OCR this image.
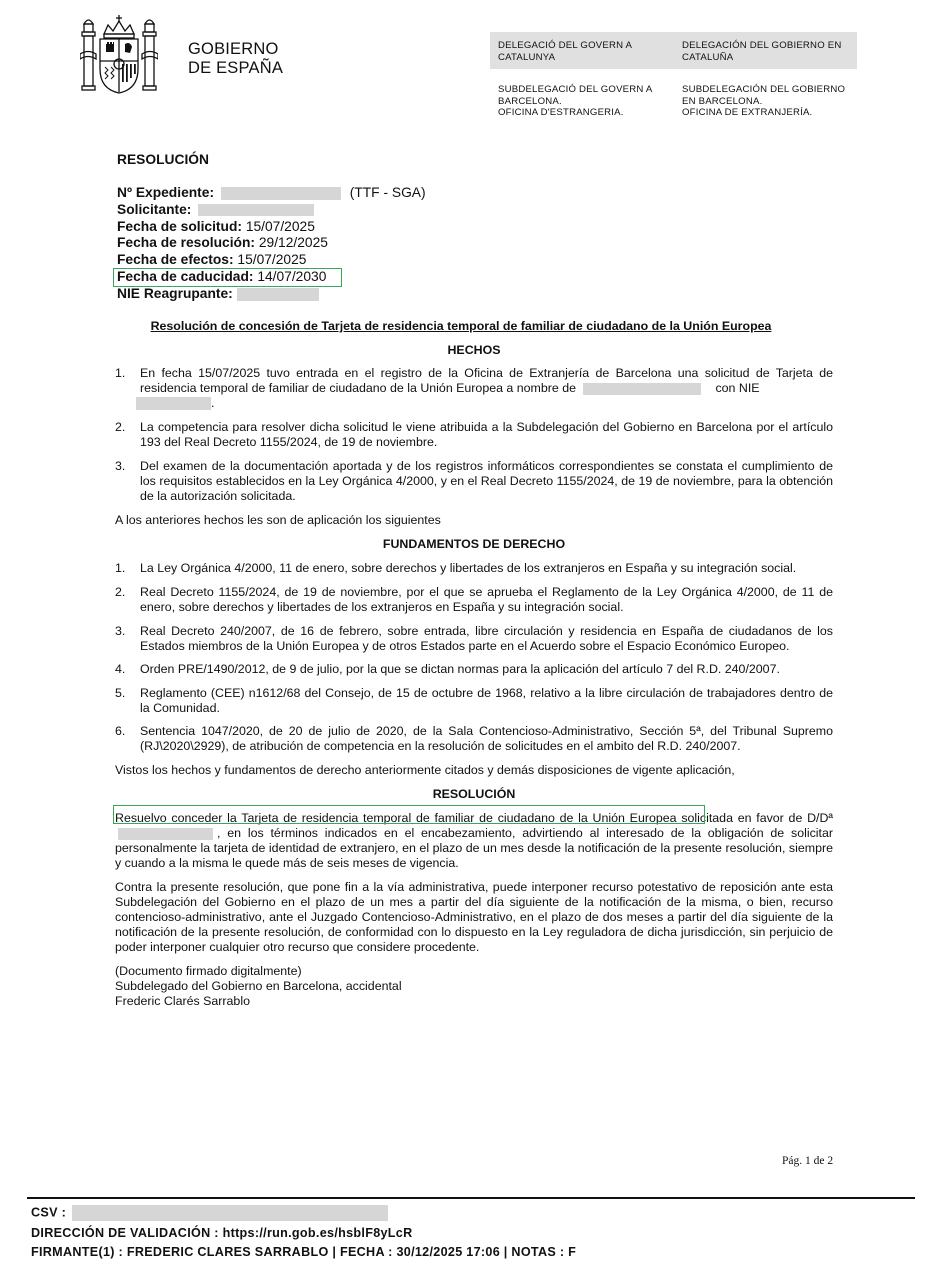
GOBIERNO
DE ESPAÑA
DELEGACIÓ DEL GOVERN A CATALUNYA
DELEGACIÓN DEL GOBIERNO EN CATALUÑA
SUBDELEGACIÓ DEL GOVERN A BARCELONA.
OFICINA D'ESTRANGERIA.
SUBDELEGACIÓN DEL GOBIERNO EN BARCELONA.
OFICINA DE EXTRANJERÍA.
RESOLUCIÓN
Nº Expediente:	(TTF - SGA)
Solicitante:
Fecha de solicitud: 15/07/2025
Fecha de resolución: 29/12/2025
Fecha de efectos: 15/07/2025
Fecha de caducidad: 14/07/2030
NIE Reagrupante:
Resolución de concesión de Tarjeta de residencia temporal de familiar de ciudadano de la Unión Europea
HECHOS
1. En fecha 15/07/2025 tuvo entrada en el registro de la Oficina de Extranjería de Barcelona una solicitud de Tarjeta de residencia temporal de familiar de ciudadano de la Unión Europea a nombre de	con NIE
.
2. La competencia para resolver dicha solicitud le viene atribuida a la Subdelegación del Gobierno en Barcelona por el artículo 193 del Real Decreto 1155/2024, de 19 de noviembre.
3. Del examen de la documentación aportada y de los registros informáticos correspondientes se constata el cumplimiento de los requisitos establecidos en la Ley Orgánica 4/2000, y en el Real Decreto 1155/2024, de 19 de noviembre, para la obtención de la autorización solicitada.
A los anteriores hechos les son de aplicación los siguientes
FUNDAMENTOS DE DERECHO
1. La Ley Orgánica 4/2000, 11 de enero, sobre derechos y libertades de los extranjeros en España y su integración social.
2. Real Decreto 1155/2024, de 19 de noviembre, por el que se aprueba el Reglamento de la Ley Orgánica 4/2000, de 11 de enero, sobre derechos y libertades de los extranjeros en España y su integración social.
3. Real Decreto 240/2007, de 16 de febrero, sobre entrada, libre circulación y residencia en España de ciudadanos de los Estados miembros de la Unión Europea y de otros Estados parte en el Acuerdo sobre el Espacio Económico Europeo.
4. Orden PRE/1490/2012, de 9 de julio, por la que se dictan normas para la aplicación del artículo 7 del R.D. 240/2007.
5. Reglamento (CEE) n1612/68 del Consejo, de 15 de octubre de 1968, relativo a la libre circulación de trabajadores dentro de la Comunidad.
6. Sentencia 1047/2020, de 20 de julio de 2020, de la Sala Contencioso-Administrativo, Sección 5ª, del Tribunal Supremo (RJ\2020\2929), de atribución de competencia en la resolución de solicitudes en el ambito del R.D. 240/2007.
Vistos los hechos y fundamentos de derecho anteriormente citados y demás disposiciones de vigente aplicación,
RESOLUCIÓN
Resuelvo conceder la Tarjeta de residencia temporal de familiar de ciudadano de la Unión Europea solicitada en favor de D/Dª , en los términos indicados en el encabezamiento, advirtiendo al interesado de la obligación de solicitar personalmente la tarjeta de identidad de extranjero, en el plazo de un mes desde la notificación de la presente resolución, siempre y cuando a la misma le quede más de seis meses de vigencia.
Contra la presente resolución, que pone fin a la vía administrativa, puede interponer recurso potestativo de reposición ante esta Subdelegación del Gobierno en el plazo de un mes a partir del día siguiente de la notificación de la misma, o bien, recurso contencioso-administrativo, ante el Juzgado Contencioso-Administrativo, en el plazo de dos meses a partir del día siguiente de la notificación de la presente resolución, de conformidad con lo dispuesto en la Ley reguladora de dicha jurisdicción, sin perjuicio de poder interponer cualquier otro recurso que considere procedente.
(Documento firmado digitalmente)
Subdelegado del Gobierno en Barcelona, accidental
Frederic Clarés Sarrablo
Pág. 1 de 2
CSV :
DIRECCIÓN DE VALIDACIÓN : https://run.gob.es/hsblF8yLcR
FIRMANTE(1) : FREDERIC CLARES SARRABLO | FECHA : 30/12/2025 17:06 | NOTAS : F
